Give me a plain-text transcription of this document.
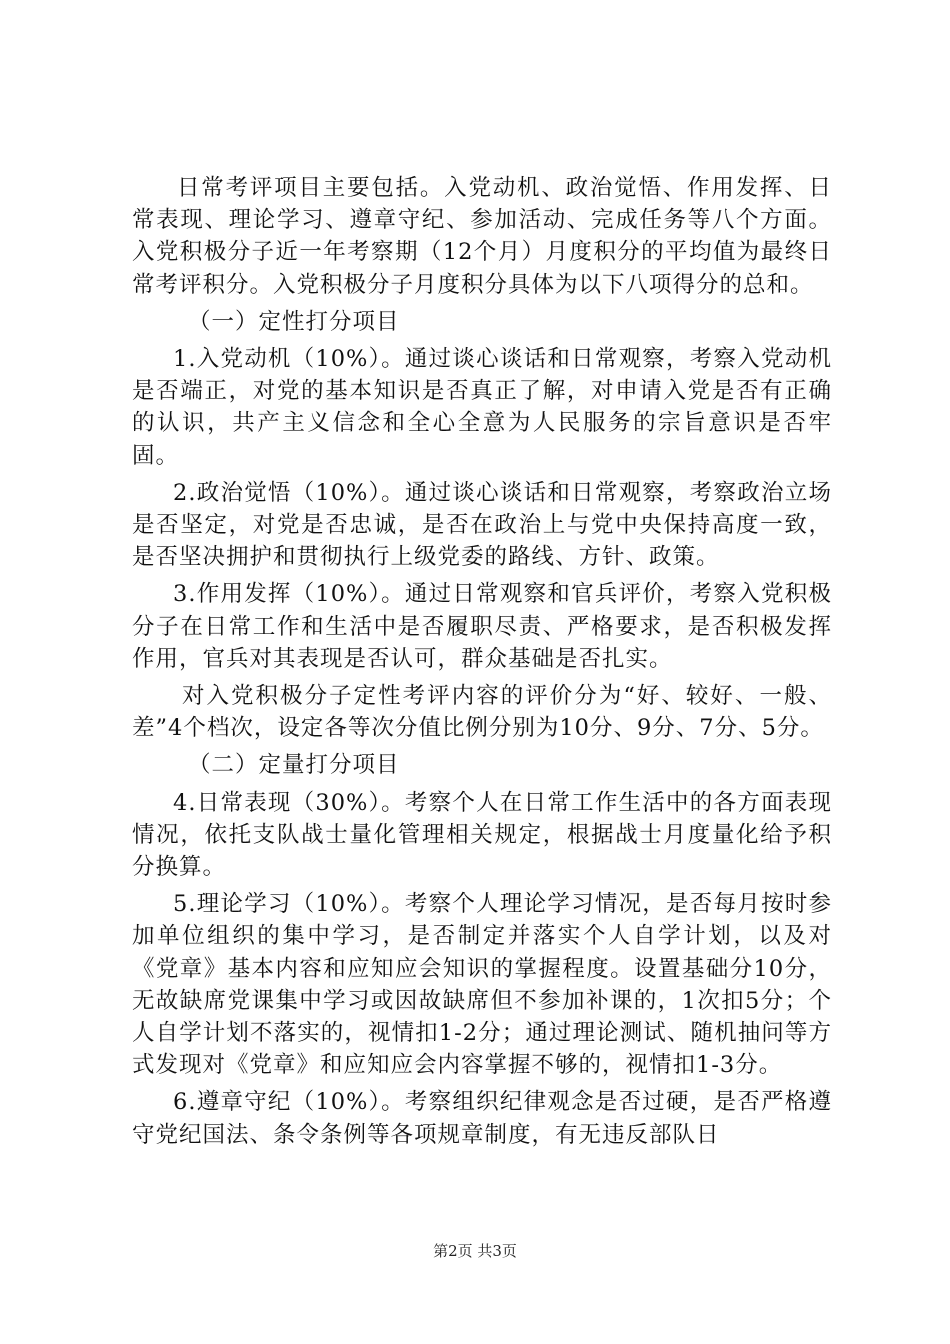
日常考评项目主要包括。入党动机、政治觉悟、作用发挥、日常表现、理论学习、遵章守纪、参加活动、完成任务等八个方面。入党积极分子近一年考察期（12个月）月度积分的平均值为最终日常考评积分。入党积极分子月度积分具体为以下八项得分的总和。

（一）定性打分项目

1.入党动机（10%）。通过谈心谈话和日常观察，考察入党动机是否端正，对党的基本知识是否真正了解，对申请入党是否有正确的认识，共产主义信念和全心全意为人民服务的宗旨意识是否牢固。

2.政治觉悟（10%）。通过谈心谈话和日常观察，考察政治立场是否坚定，对党是否忠诚，是否在政治上与党中央保持高度一致，是否坚决拥护和贯彻执行上级党委的路线、方针、政策。

3.作用发挥（10%）。通过日常观察和官兵评价，考察入党积极分子在日常工作和生活中是否履职尽责、严格要求，是否积极发挥作用，官兵对其表现是否认可，群众基础是否扎实。

对入党积极分子定性考评内容的评价分为“好、较好、一般、差”4个档次，设定各等次分值比例分别为10分、9分、7分、5分。

（二）定量打分项目

4.日常表现（30%）。考察个人在日常工作生活中的各方面表现情况，依托支队战士量化管理相关规定，根据战士月度量化给予积分换算。

5.理论学习（10%）。考察个人理论学习情况，是否每月按时参加单位组织的集中学习，是否制定并落实个人自学计划，以及对《党章》基本内容和应知应会知识的掌握程度。设置基础分10分，无故缺席党课集中学习或因故缺席但不参加补课的，1次扣5分；个人自学计划不落实的，视情扣1-2分；通过理论测试、随机抽问等方式发现对《党章》和应知应会内容掌握不够的，视情扣1-3分。

6.遵章守纪（10%）。考察组织纪律观念是否过硬，是否严格遵守党纪国法、条令条例等各项规章制度，有无违反部队日

第2页 共3页
